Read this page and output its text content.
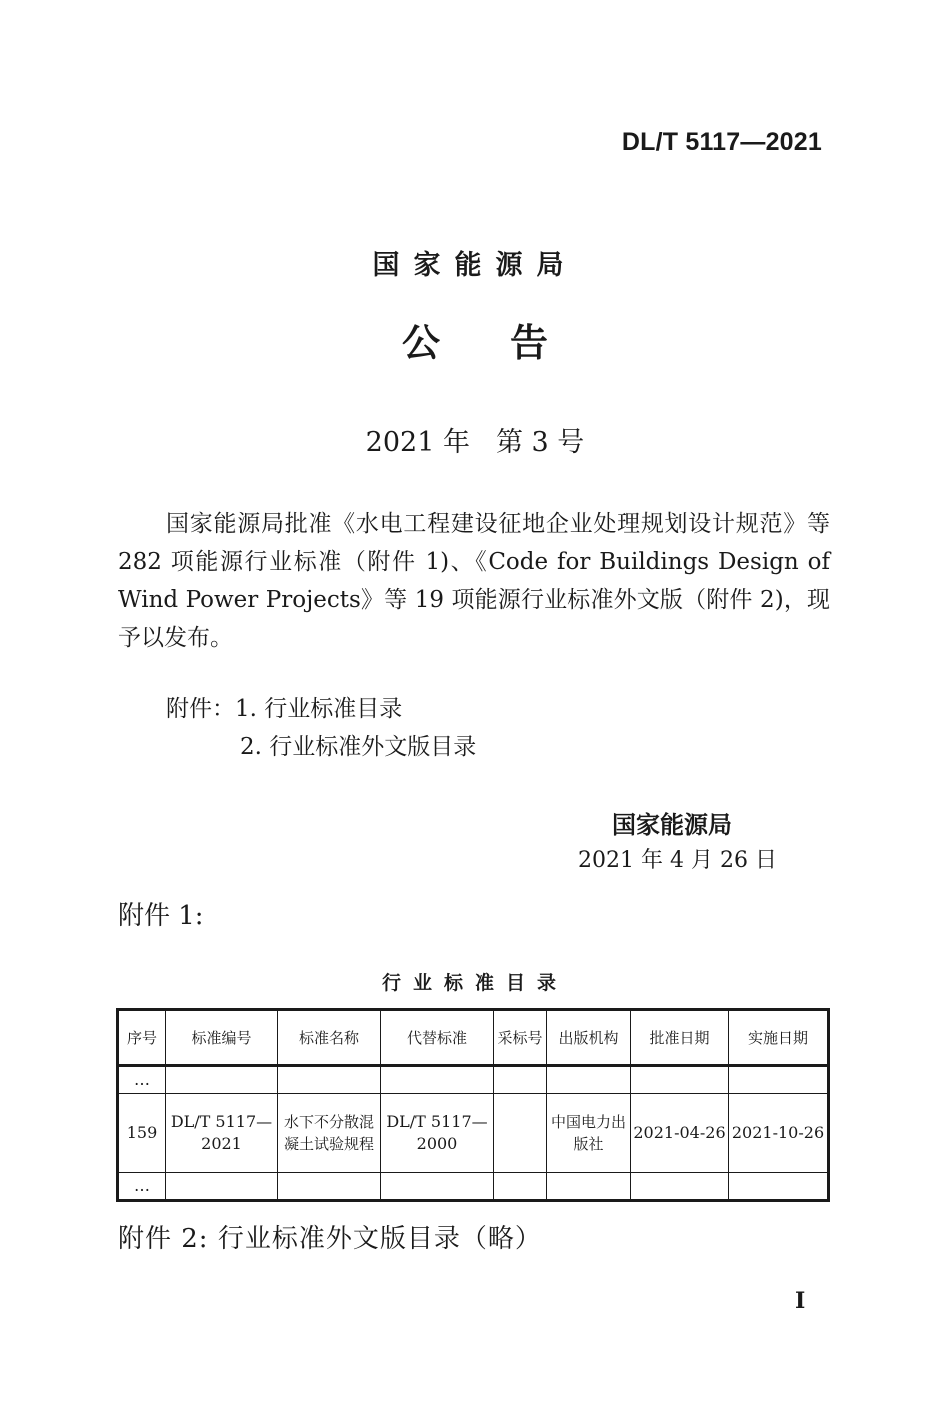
DL/T 5117—2021
国家能源局
公 告
2021 年 第 3 号
国家能源局批准《水电工程建设征地企业处理规划设计规范》等 282 项能源行业标准（附件 1)、《Code for Buildings Design of Wind Power Projects》等 19 项能源行业标准外文版（附件 2)，现予以发布。
附件：1. 行业标准目录
2. 行业标准外文版目录
国家能源局
2021 年 4 月 26 日
附件 1:
行业标准目录
序号	标准编号	标准名称	代替标准	采标号	出版机构	批准日期	实施日期
…							
159	DL/T 5117—2021	水下不分散混凝土试验规程	DL/T 5117—2000		中国电力出版社	2021-04-26	2021-10-26
…							
附件 2: 行业标准外文版目录（略）
I
